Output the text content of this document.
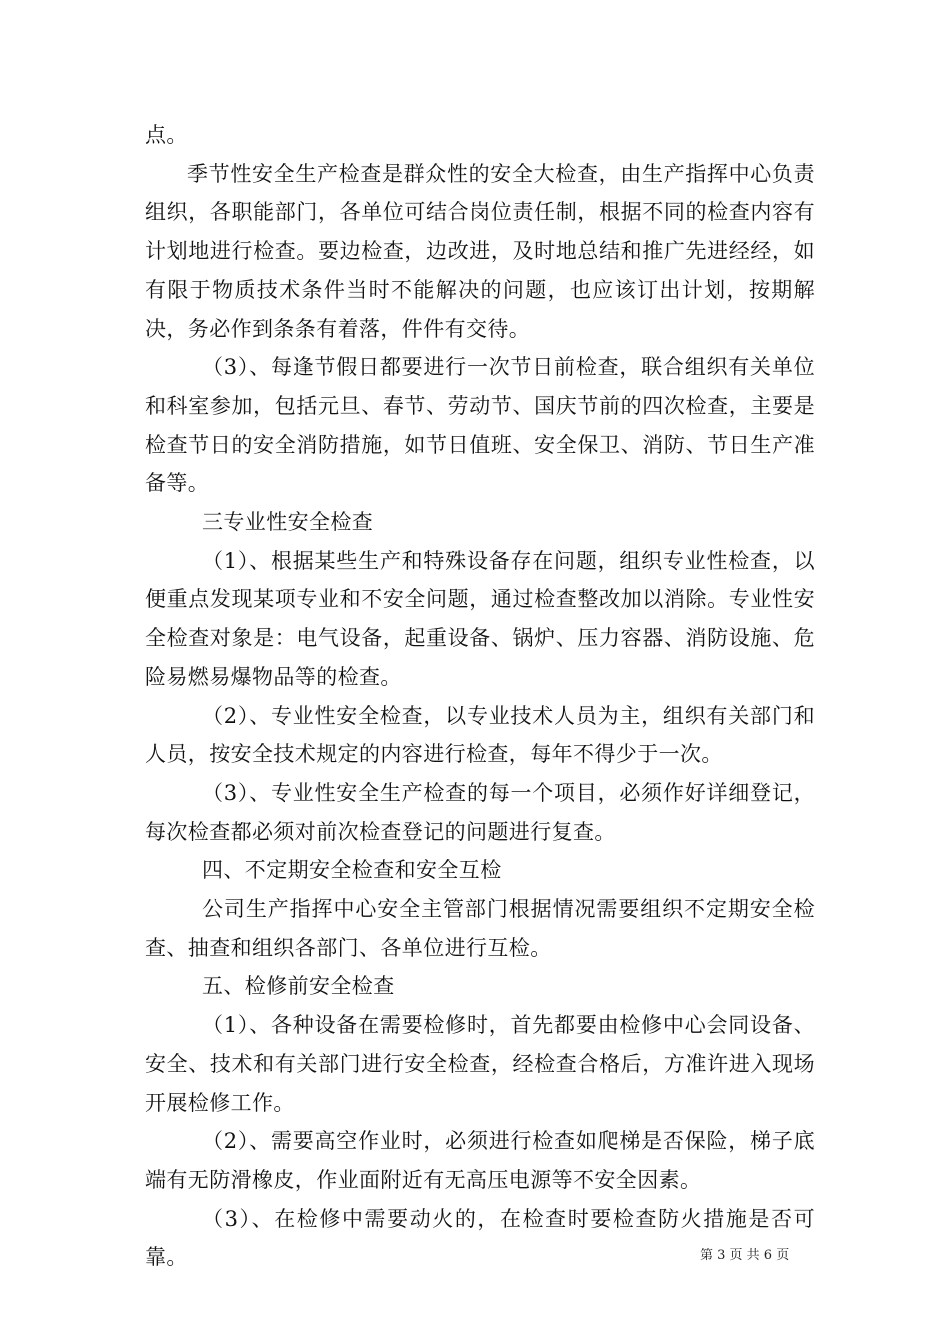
点。

季节性安全生产检查是群众性的安全大检查，由生产指挥中心负责组织，各职能部门，各单位可结合岗位责任制，根据不同的检查内容有计划地进行检查。要边检查，边改进，及时地总结和推广先进经经，如有限于物质技术条件当时不能解决的问题，也应该订出计划，按期解决，务必作到条条有着落，件件有交待。

（3）、每逢节假日都要进行一次节日前检查，联合组织有关单位和科室参加，包括元旦、春节、劳动节、国庆节前的四次检查，主要是检查节日的安全消防措施，如节日值班、安全保卫、消防、节日生产准备等。

三专业性安全检查

（1）、根据某些生产和特殊设备存在问题，组织专业性检查，以便重点发现某项专业和不安全问题，通过检查整改加以消除。专业性安全检查对象是：电气设备，起重设备、锅炉、压力容器、消防设施、危险易燃易爆物品等的检查。

（2）、专业性安全检查，以专业技术人员为主，组织有关部门和人员，按安全技术规定的内容进行检查，每年不得少于一次。

（3）、专业性安全生产检查的每一个项目，必须作好详细登记，每次检查都必须对前次检查登记的问题进行复查。

四、不定期安全检查和安全互检

公司生产指挥中心安全主管部门根据情况需要组织不定期安全检查、抽查和组织各部门、各单位进行互检。

五、检修前安全检查

（1）、各种设备在需要检修时，首先都要由检修中心会同设备、安全、技术和有关部门进行安全检查，经检查合格后，方准许进入现场开展检修工作。

（2）、需要高空作业时，必须进行检查如爬梯是否保险，梯子底端有无防滑橡皮，作业面附近有无高压电源等不安全因素。

（3）、在检修中需要动火的，在检查时要检查防火措施是否可靠。	第 3 页 共 6 页
